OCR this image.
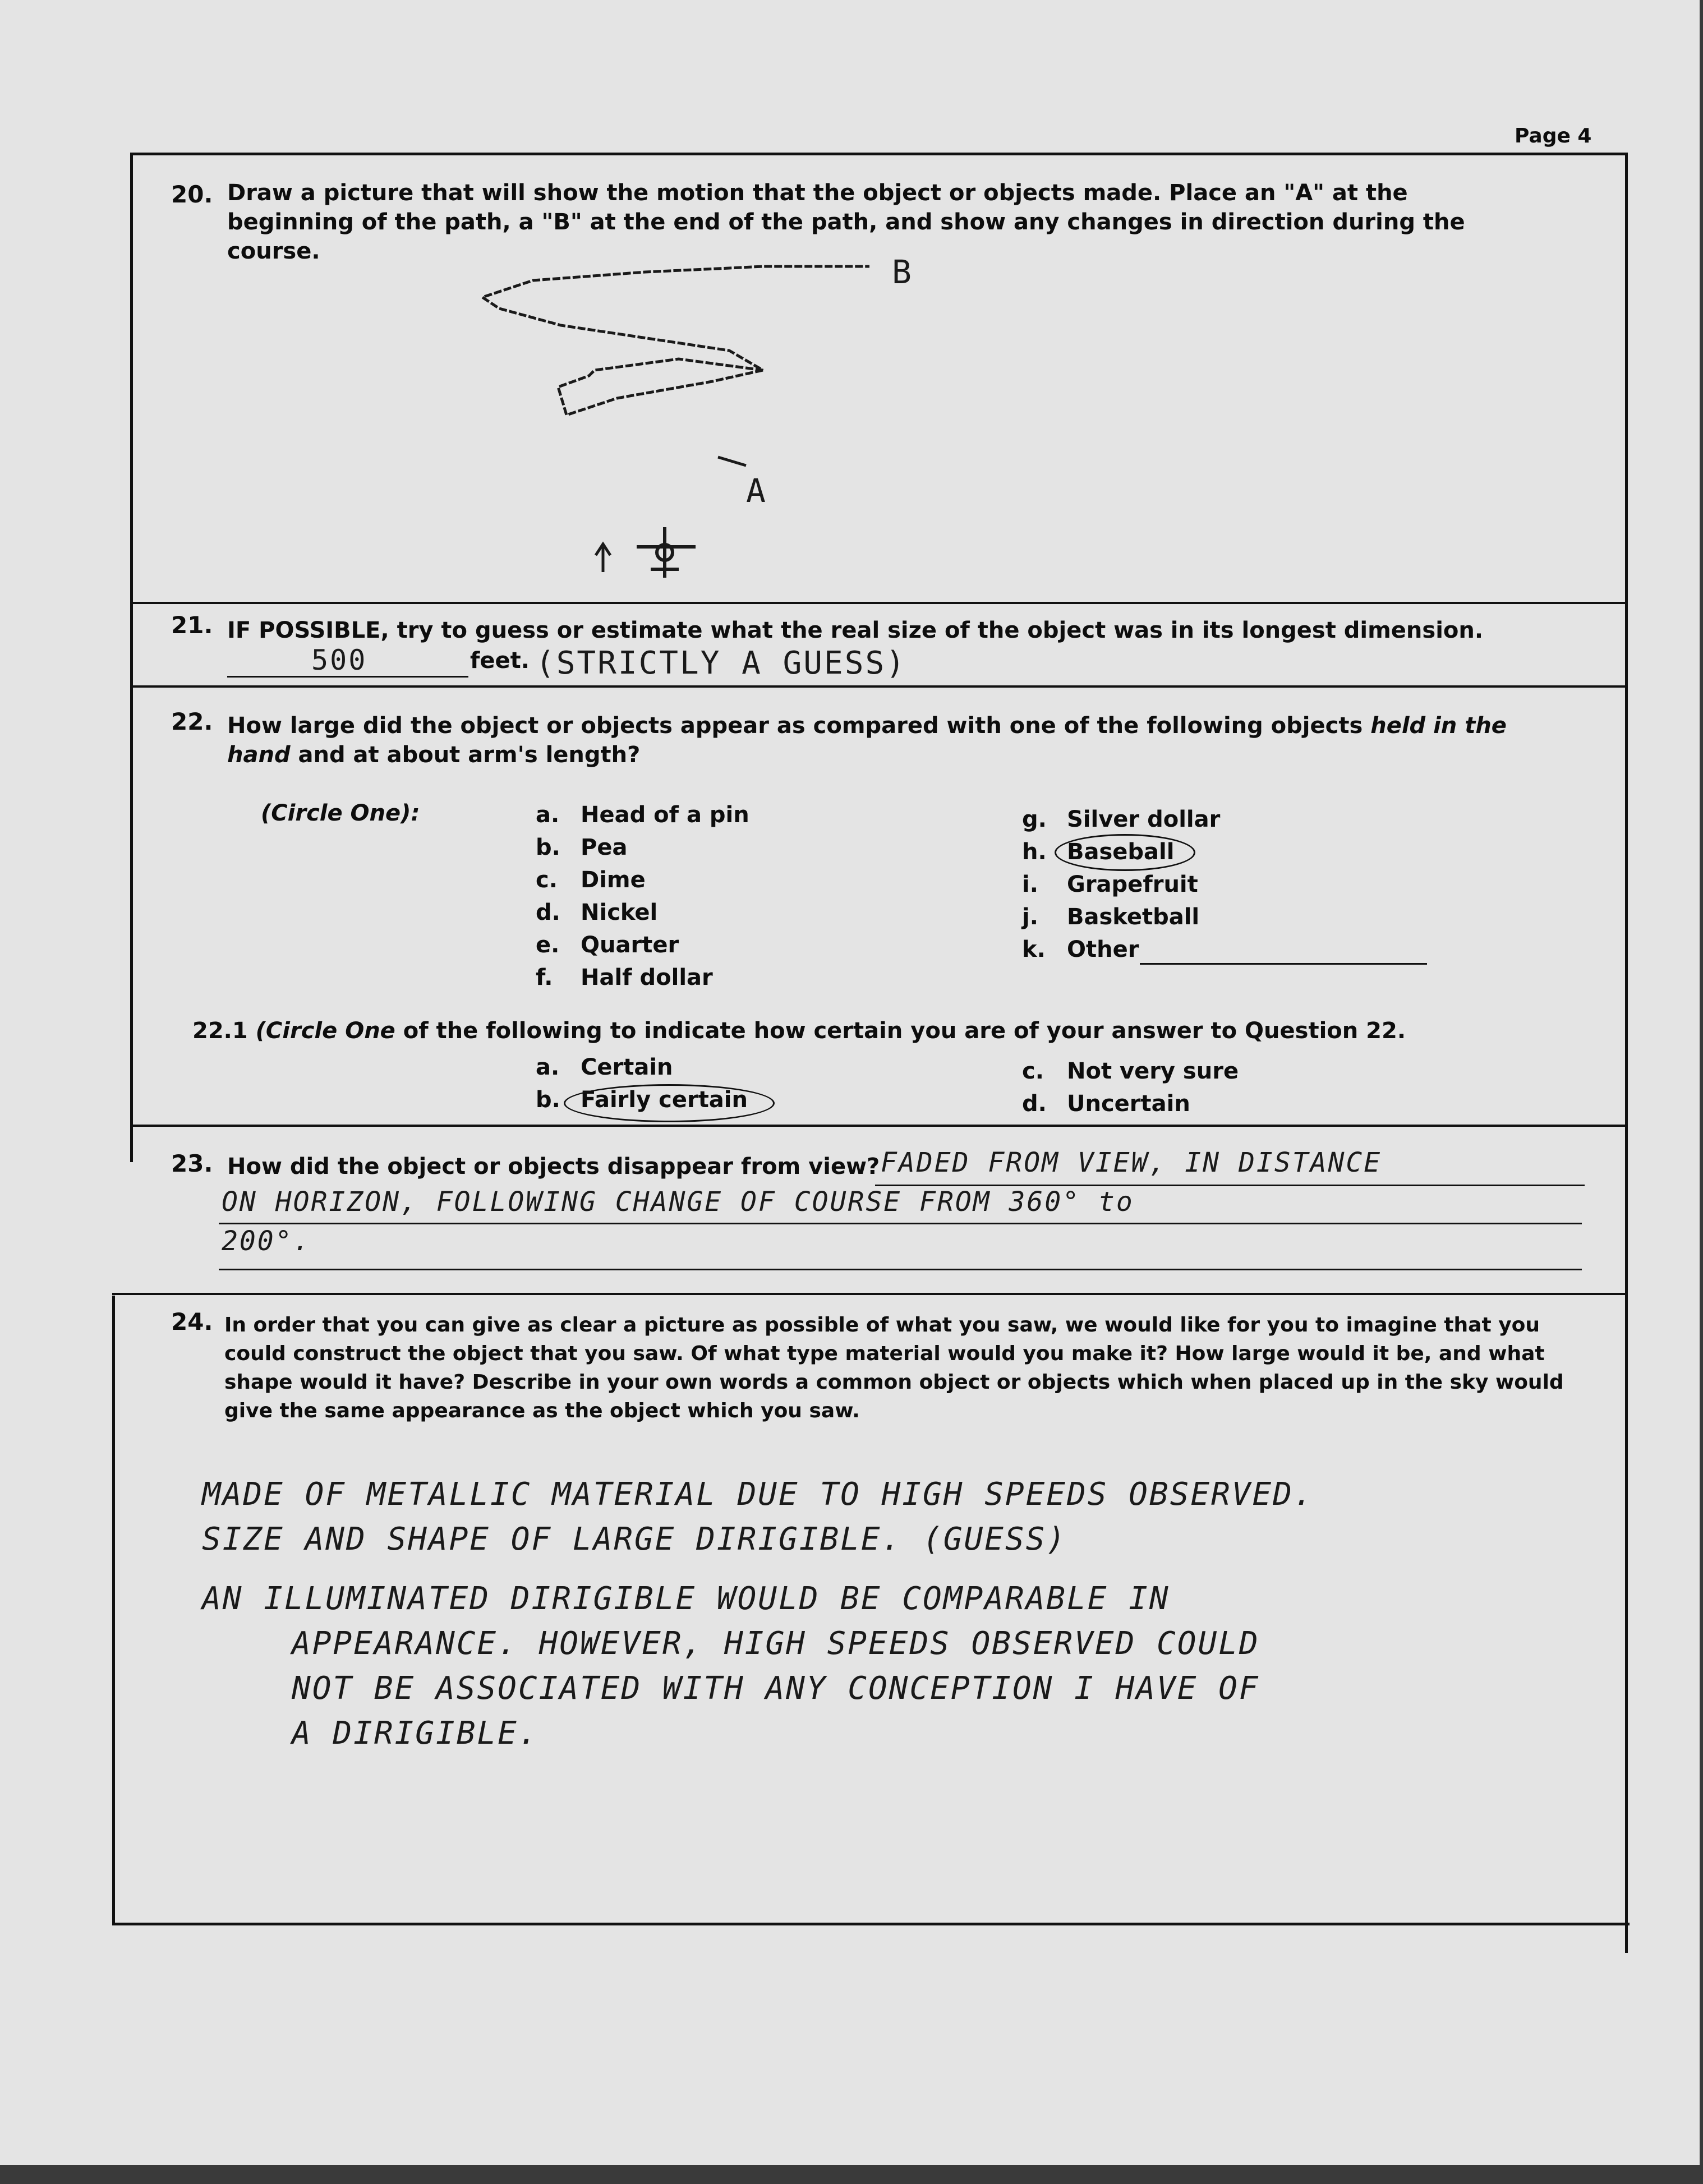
Page 4
20. Draw a picture that will show the motion that the object or objects made. Place an "A" at the beginning of the path, a "B" at the end of the path, and show any changes in direction during the course.
B
A
21. IF POSSIBLE, try to guess or estimate what the real size of the object was in its longest dimension.
500	feet. (STRICTLY A GUESS)
22. How large did the object or objects appear as compared with one of the following objects held in the hand and at about arm's length?
(Circle One):	a. Head of a pin
b. Pea
c. Dime
d. Nickel
e. Quarter
f. Half dollar
g. Silver dollar
h. Baseball
i. Grapefruit
j. Basketball
k. Other
22.1 (Circle One of the following to indicate how certain you are of your answer to Question 22.
a. Certain
b. Fairly certain
c. Not very sure
d. Uncertain
23. How did the object or objects disappear from view? FADED FROM VIEW, IN DISTANCE
ON HORIZON, FOLLOWING CHANGE OF COURSE FROM 360° to
200°.
24. In order that you can give as clear a picture as possible of what you saw, we would like for you to imagine that you could construct the object that you saw. Of what type material would you make it? How large would it be, and what shape would it have? Describe in your own words a common object or objects which when placed up in the sky would give the same appearance as the object which you saw.
MADE OF METALLIC MATERIAL DUE TO HIGH SPEEDS OBSERVED.
SIZE AND SHAPE OF LARGE DIRIGIBLE. (GUESS)
AN ILLUMINATED DIRIGIBLE WOULD BE COMPARABLE IN
APPEARANCE. HOWEVER, HIGH SPEEDS OBSERVED COULD
NOT BE ASSOCIATED WITH ANY CONCEPTION I HAVE OF
A DIRIGIBLE.
